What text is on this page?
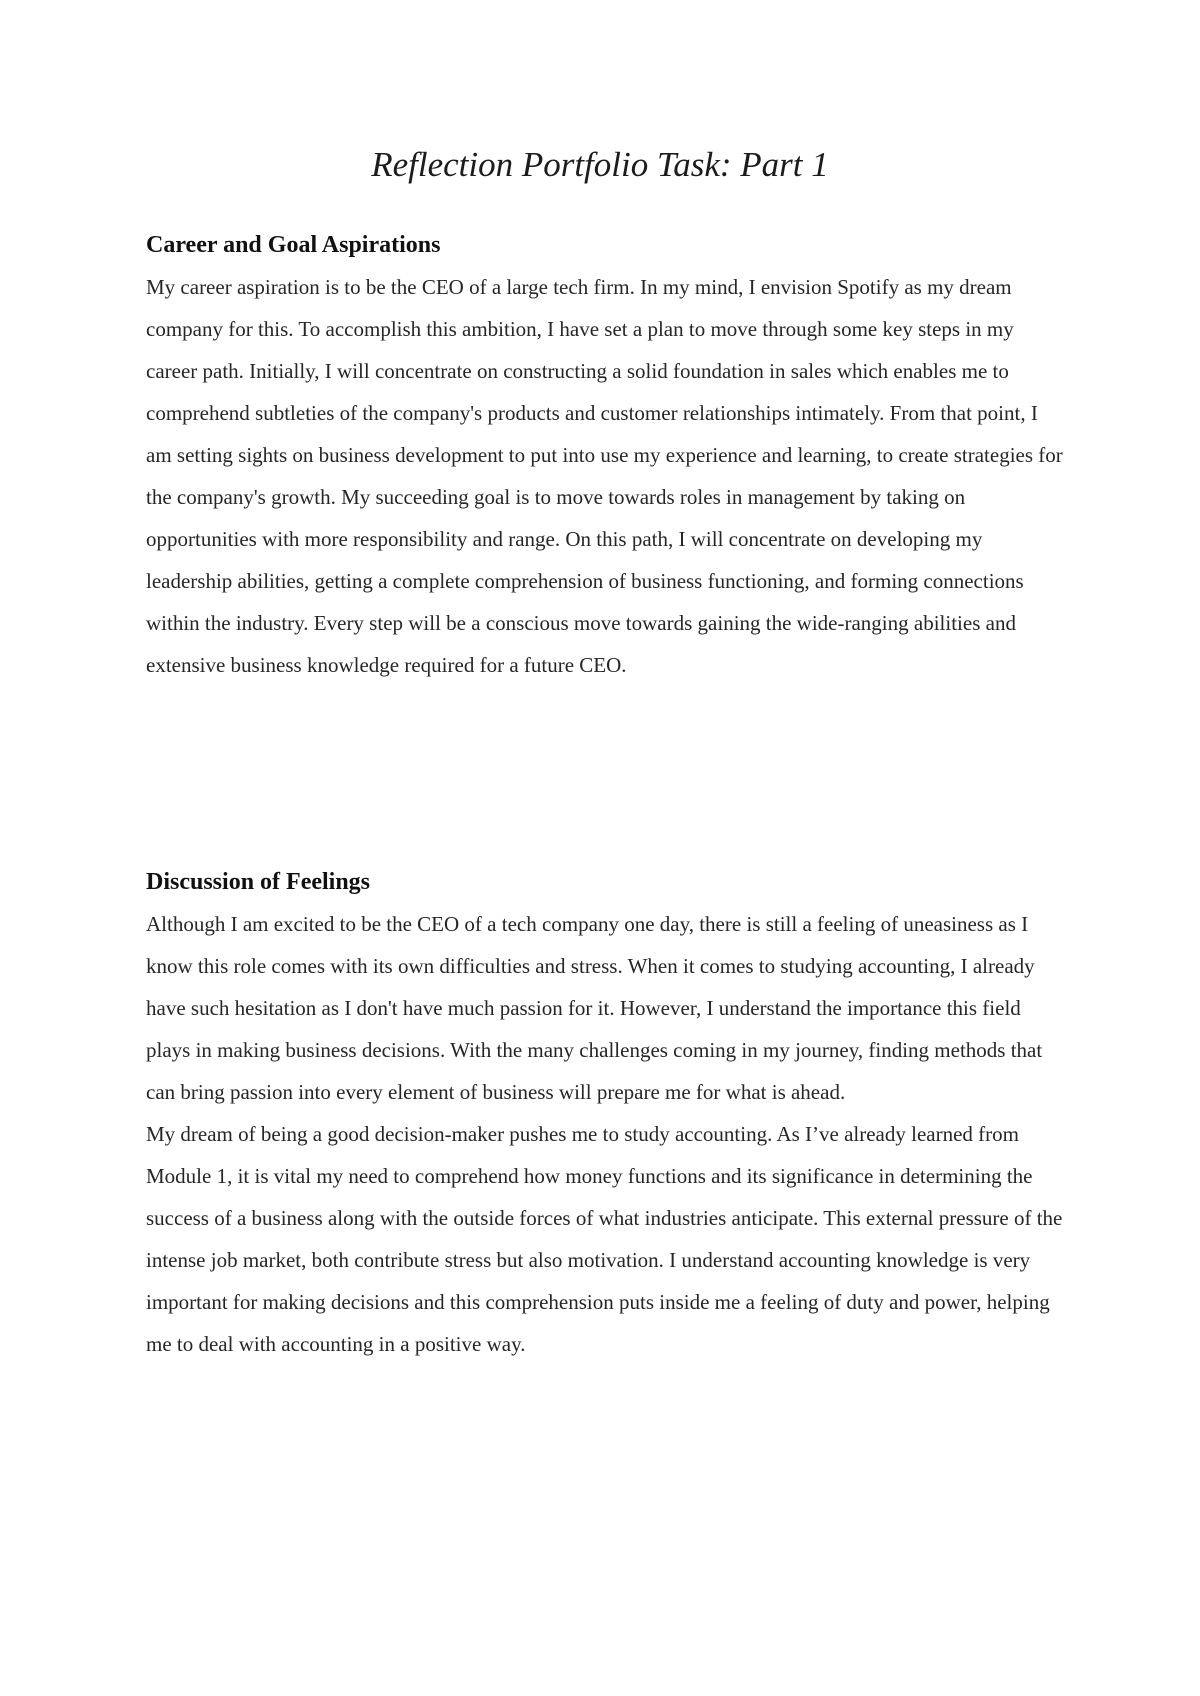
Reflection Portfolio Task: Part 1
Career and Goal Aspirations

My career aspiration is to be the CEO of a large tech firm. In my mind, I envision Spotify as my dream company for this. To accomplish this ambition, I have set a plan to move through some key steps in my career path. Initially, I will concentrate on constructing a solid foundation in sales which enables me to comprehend subtleties of the company's products and customer relationships intimately. From that point, I am setting sights on business development to put into use my experience and learning, to create strategies for the company's growth. My succeeding goal is to move towards roles in management by taking on opportunities with more responsibility and range. On this path, I will concentrate on developing my leadership abilities, getting a complete comprehension of business functioning, and forming connections within the industry. Every step will be a conscious move towards gaining the wide-ranging abilities and extensive business knowledge required for a future CEO.

Discussion of Feelings

Although I am excited to be the CEO of a tech company one day, there is still a feeling of uneasiness as I know this role comes with its own difficulties and stress. When it comes to studying accounting, I already have such hesitation as I don't have much passion for it. However, I understand the importance this field plays in making business decisions. With the many challenges coming in my journey, finding methods that can bring passion into every element of business will prepare me for what is ahead.

My dream of being a good decision-maker pushes me to study accounting. As I’ve already learned from Module 1, it is vital my need to comprehend how money functions and its significance in determining the success of a business along with the outside forces of what industries anticipate. This external pressure of the intense job market, both contribute stress but also motivation. I understand accounting knowledge is very important for making decisions and this comprehension puts inside me a feeling of duty and power, helping me to deal with accounting in a positive way.
